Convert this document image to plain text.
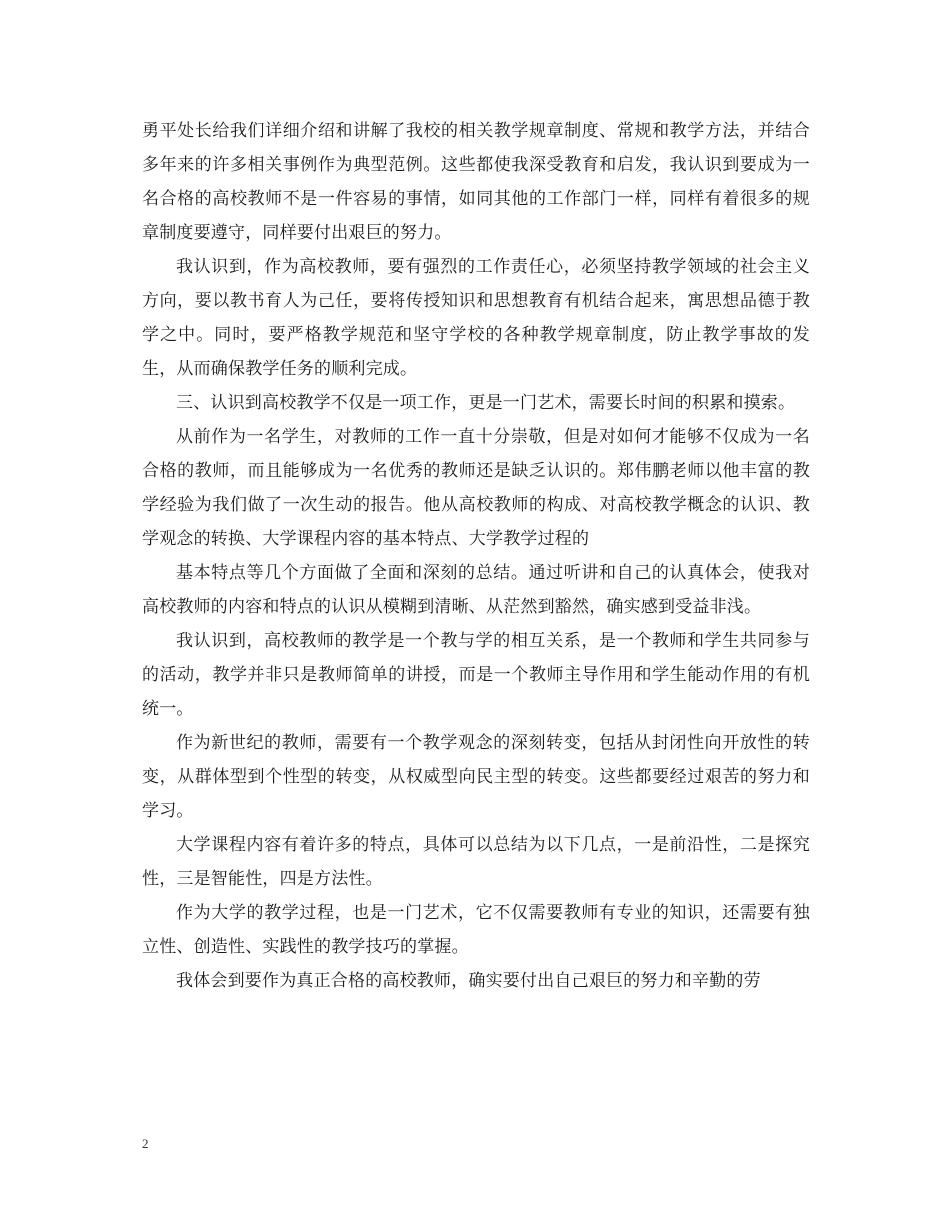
勇平处长给我们详细介绍和讲解了我校的相关教学规章制度、常规和教学方法，并结合多年来的许多相关事例作为典型范例。这些都使我深受教育和启发，我认识到要成为一名合格的高校教师不是一件容易的事情，如同其他的工作部门一样，同样有着很多的规章制度要遵守，同样要付出艰巨的努力。

我认识到，作为高校教师，要有强烈的工作责任心，必须坚持教学领域的社会主义方向，要以教书育人为己任，要将传授知识和思想教育有机结合起来，寓思想品德于教学之中。同时，要严格教学规范和坚守学校的各种教学规章制度，防止教学事故的发生，从而确保教学任务的顺利完成。

三、认识到高校教学不仅是一项工作，更是一门艺术，需要长时间的积累和摸索。

从前作为一名学生，对教师的工作一直十分崇敬，但是对如何才能够不仅成为一名合格的教师，而且能够成为一名优秀的教师还是缺乏认识的。郑伟鹏老师以他丰富的教学经验为我们做了一次生动的报告。他从高校教师的构成、对高校教学概念的认识、教学观念的转换、大学课程内容的基本特点、大学教学过程的

基本特点等几个方面做了全面和深刻的总结。通过听讲和自己的认真体会，使我对高校教师的内容和特点的认识从模糊到清晰、从茫然到豁然，确实感到受益非浅。

我认识到，高校教师的教学是一个教与学的相互关系，是一个教师和学生共同参与的活动，教学并非只是教师简单的讲授，而是一个教师主导作用和学生能动作用的有机统一。

作为新世纪的教师，需要有一个教学观念的深刻转变，包括从封闭性向开放性的转变，从群体型到个性型的转变，从权威型向民主型的转变。这些都要经过艰苦的努力和学习。

大学课程内容有着许多的特点，具体可以总结为以下几点，一是前沿性，二是探究性，三是智能性，四是方法性。

作为大学的教学过程，也是一门艺术，它不仅需要教师有专业的知识，还需要有独立性、创造性、实践性的教学技巧的掌握。

我体会到要作为真正合格的高校教师，确实要付出自己艰巨的努力和辛勤的劳

2
